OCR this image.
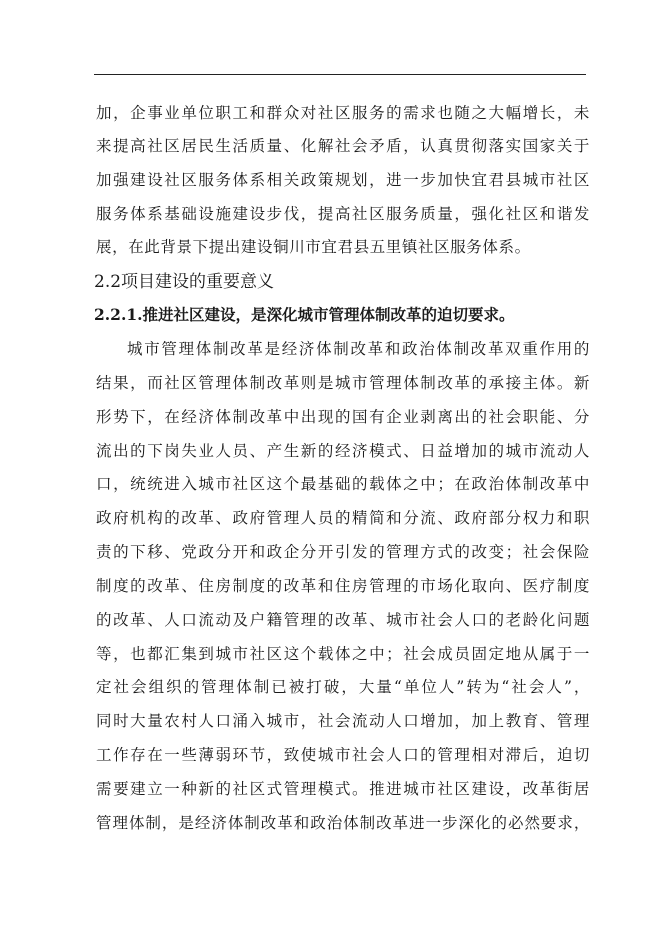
加，企事业单位职工和群众对社区服务的需求也随之大幅增长，未
来提高社区居民生活质量、化解社会矛盾，认真贯彻落实国家关于
加强建设社区服务体系相关政策规划，进一步加快宜君县城市社区
服务体系基础设施建设步伐，提高社区服务质量，强化社区和谐发
展，在此背景下提出建设铜川市宜君县五里镇社区服务体系。
2.2项目建设的重要意义
2.2.1.推进社区建设，是深化城市管理体制改革的迫切要求。
城市管理体制改革是经济体制改革和政治体制改革双重作用的
结果，而社区管理体制改革则是城市管理体制改革的承接主体。新
形势下，在经济体制改革中出现的国有企业剥离出的社会职能、分
流出的下岗失业人员、产生新的经济模式、日益增加的城市流动人
口，统统进入城市社区这个最基础的载体之中；在政治体制改革中
政府机构的改革、政府管理人员的精简和分流、政府部分权力和职
责的下移、党政分开和政企分开引发的管理方式的改变；社会保险
制度的改革、住房制度的改革和住房管理的市场化取向、医疗制度
的改革、人口流动及户籍管理的改革、城市社会人口的老龄化问题
等，也都汇集到城市社区这个载体之中；社会成员固定地从属于一
定社会组织的管理体制已被打破，大量“单位人”转为“社会人”，
同时大量农村人口涌入城市，社会流动人口增加，加上教育、管理
工作存在一些薄弱环节，致使城市社会人口的管理相对滞后，迫切
需要建立一种新的社区式管理模式。推进城市社区建设，改革街居
管理体制，是经济体制改革和政治体制改革进一步深化的必然要求，
